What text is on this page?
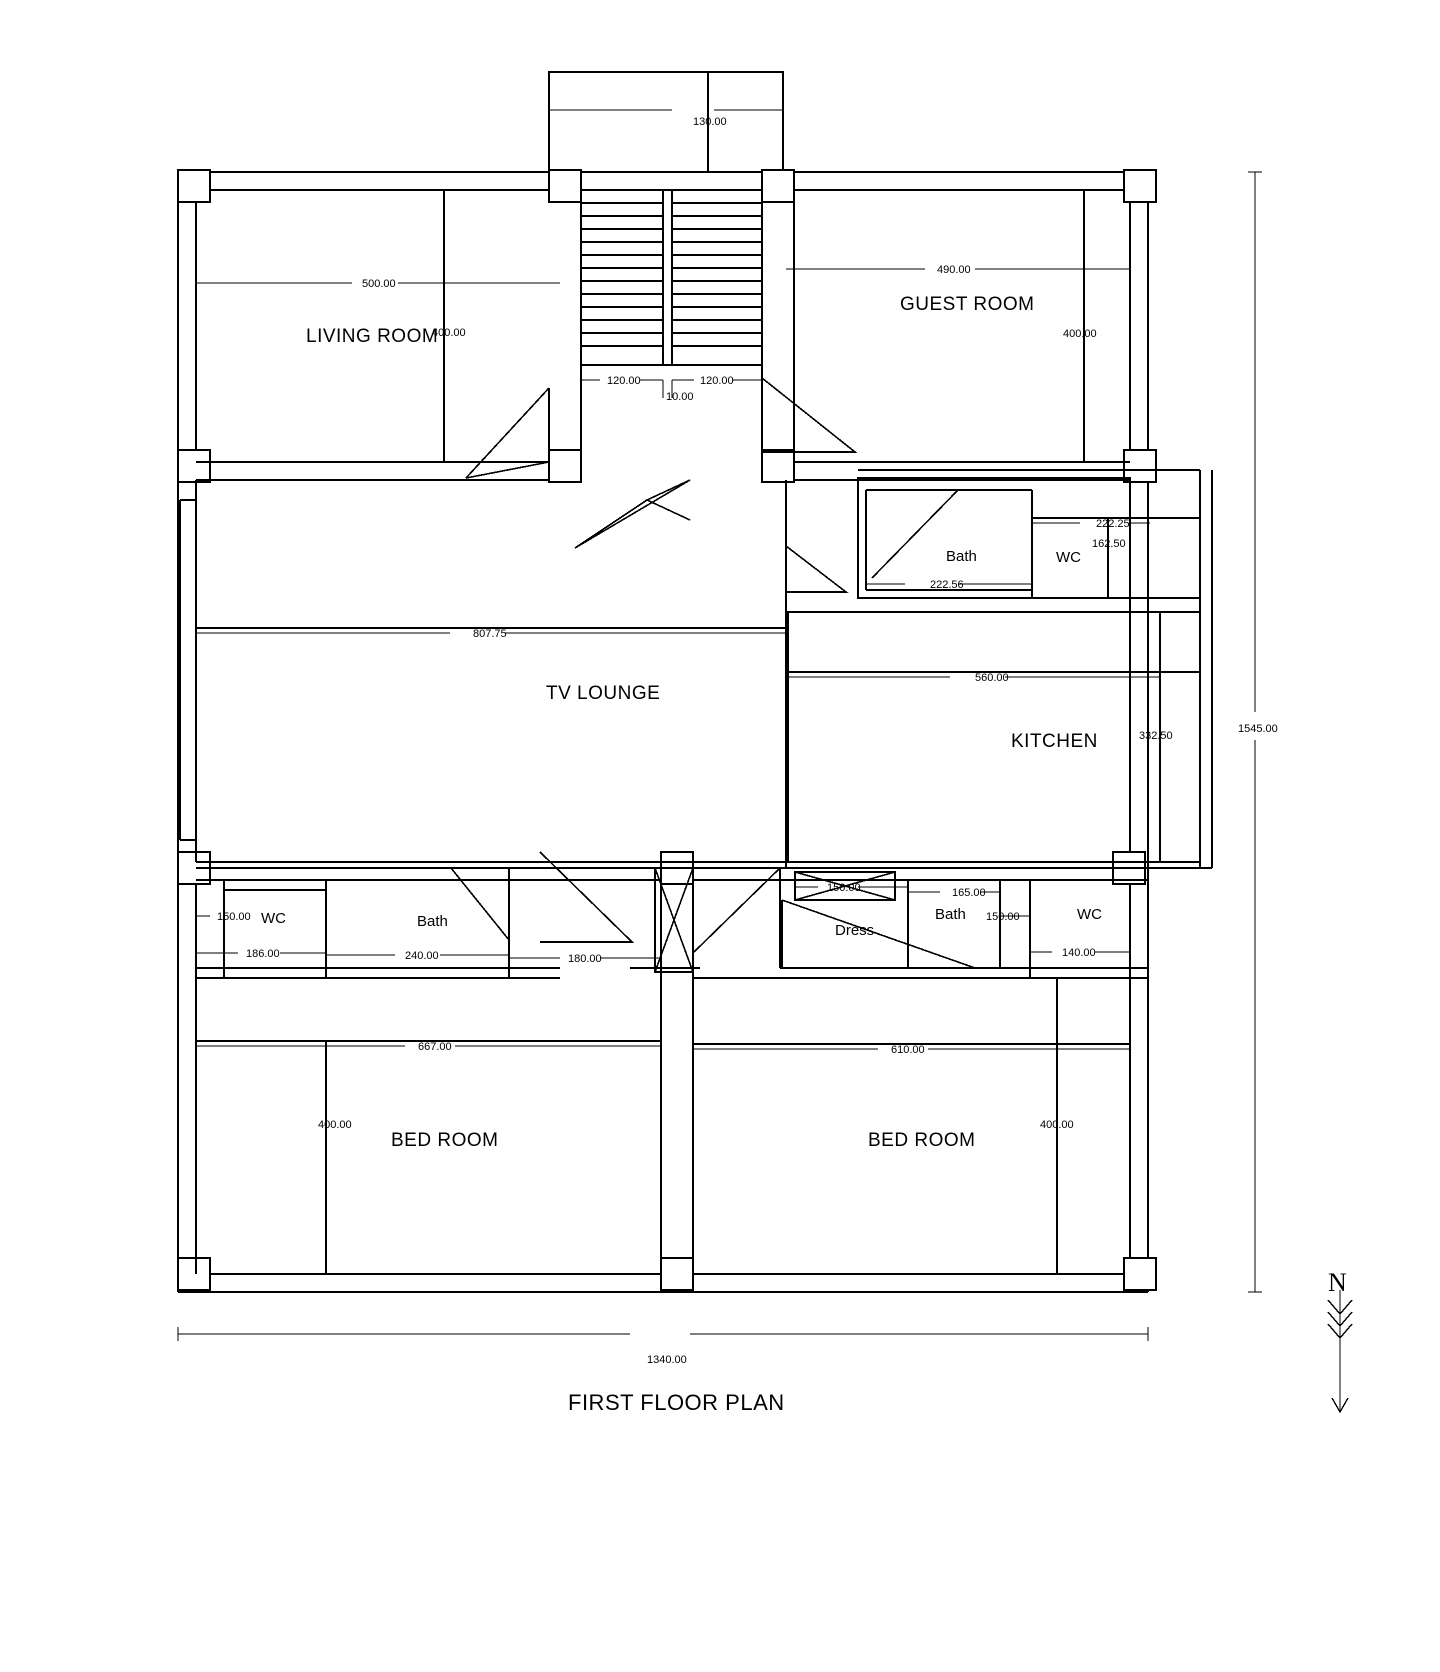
LIVING ROOM
GUEST ROOM
TV LOUNGE
KITCHEN
BED ROOM	BED ROOM
Bath	WC
WC	Bath
Dress
Bath	WC
130.00
500.00
400.00
490.00
400.00
120.00	120.00
10.00
222.25
162.50
222.56
807.75
560.00
332.50
1545.00
150.00	165.00
150.00	150.00
186.00	240.00	180.00	140.00
667.00	610.00
400.00	400.00
1340.00
FIRST FLOOR PLAN
N
